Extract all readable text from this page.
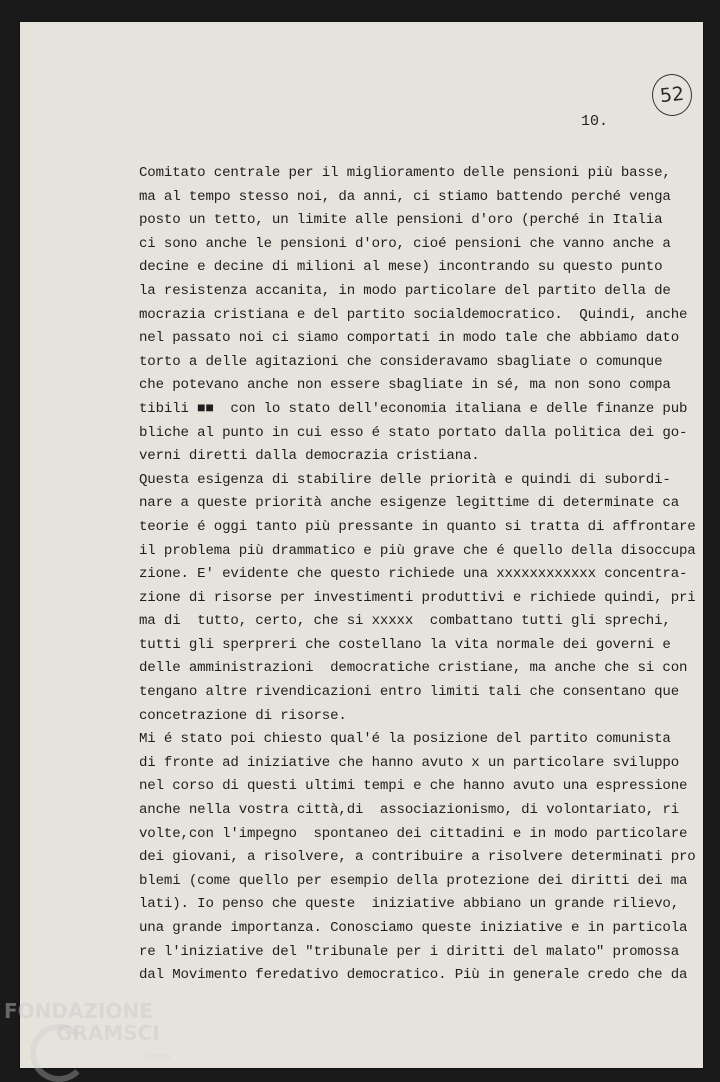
52
10.
Comitato centrale per il miglioramento delle pensioni più basse,
ma al tempo stesso noi, da anni, ci stiamo battendo perché venga
posto un tetto, un limite alle pensioni d'oro (perché in Italia
ci sono anche le pensioni d'oro, cioé pensioni che vanno anche a
decine e decine di milioni al mese) incontrando su questo punto
la resistenza accanita, in modo particolare del partito della de
mocrazia cristiana e del partito socialdemocratico.  Quindi, anche
nel passato noi ci siamo comportati in modo tale che abbiamo dato
torto a delle agitazioni che consideravamo sbagliate o comunque
che potevano anche non essere sbagliate in sé, ma non sono compa
tibili ■■  con lo stato dell'economia italiana e delle finanze pub
bliche al punto in cui esso é stato portato dalla politica dei go-
verni diretti dalla democrazia cristiana.
Questa esigenza di stabilire delle priorità e quindi di subordi-
nare a queste priorità anche esigenze legittime di determinate ca
teorie é oggi tanto più pressante in quanto si tratta di affrontare
il problema più drammatico e più grave che é quello della disoccupa
zione. E' evidente che questo richiede una xxxxxxxxxxxx concentra-
zione di risorse per investimenti produttivi e richiede quindi, pri
ma di  tutto, certo, che si xxxxx  combattano tutti gli sprechi,
tutti gli sperpreri che costellano la vita normale dei governi e
delle amministrazioni  democratiche cristiane, ma anche che si con
tengano altre rivendicazioni entro limiti tali che consentano que
concetrazione di risorse.
Mi é stato poi chiesto qual'é la posizione del partito comunista
di fronte ad iniziative che hanno avuto x un particolare sviluppo
nel corso di questi ultimi tempi e che hanno avuto una espressione
anche nella vostra città,di  associazionismo, di volontariato, ri
volte,con l'impegno  spontaneo dei cittadini e in modo particolare
dei giovani, a risolvere, a contribuire a risolvere determinati pro
blemi (come quello per esempio della protezione dei diritti dei ma
lati). Io penso che queste  iniziative abbiano un grande rilievo,
una grande importanza. Conosciamo queste iniziative e in particola
re l'iniziative del "tribunale per i diritti del malato" promossa
dal Movimento feredativo democratico. Più in generale credo che da
FONDAZIONE
GRAMSCI
onlus
